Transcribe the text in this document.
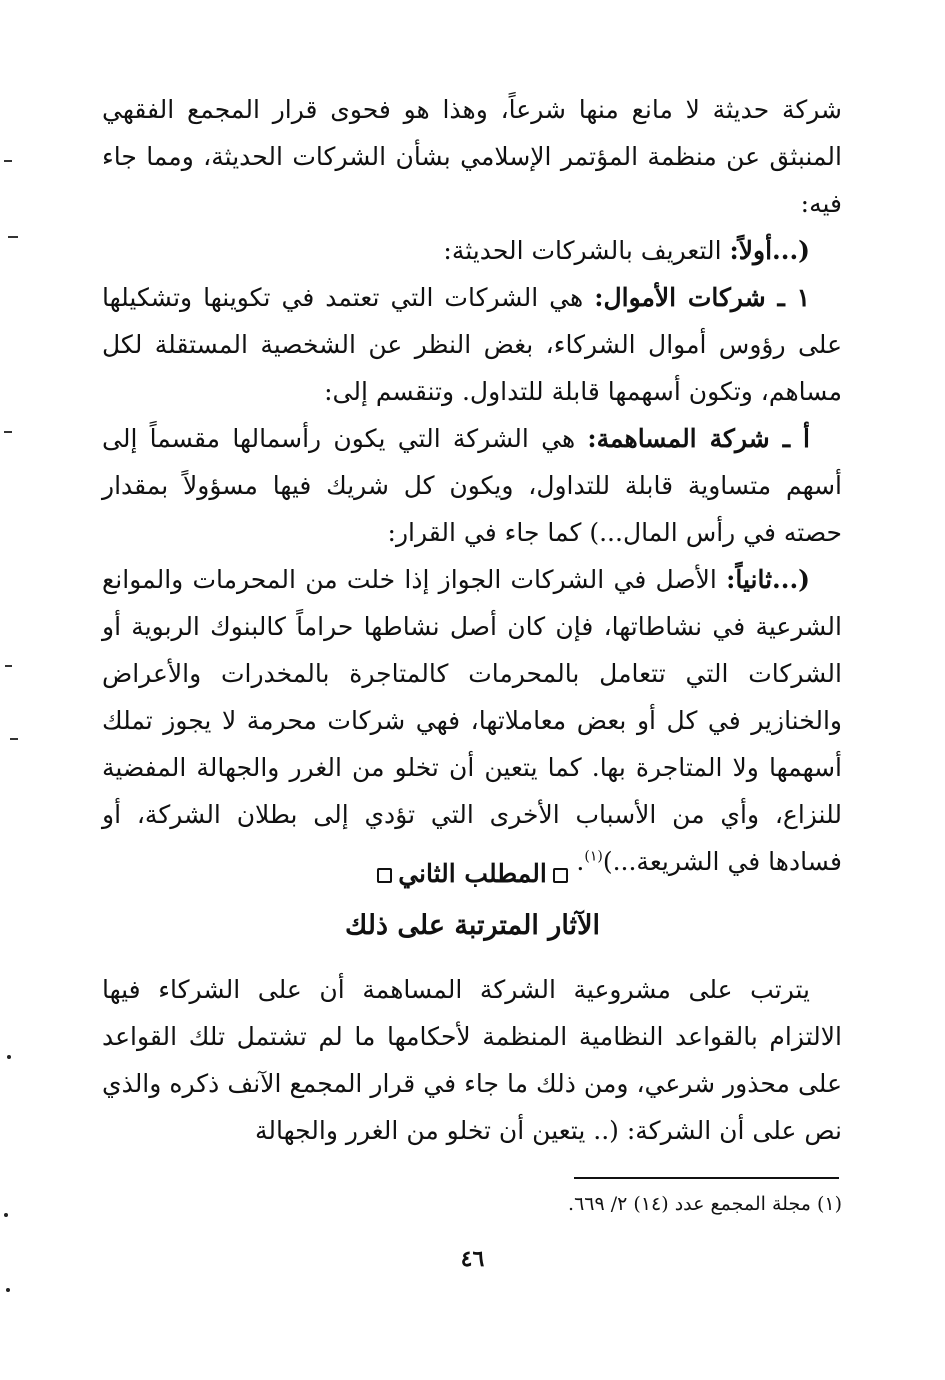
شركة حديثة لا مانع منها شرعاً، وهذا هو فحوى قرار المجمع الفقهي المنبثق عن منظمة المؤتمر الإسلامي بشأن الشركات الحديثة، ومما جاء فيه:

(...أولاً: التعريف بالشركات الحديثة:

١ ـ شركات الأموال: هي الشركات التي تعتمد في تكوينها وتشكيلها على رؤوس أموال الشركاء، بغض النظر عن الشخصية المستقلة لكل مساهم، وتكون أسهمها قابلة للتداول. وتنقسم إلى:

أ ـ شركة المساهمة: هي الشركة التي يكون رأسمالها مقسماً إلى أسهم متساوية قابلة للتداول، ويكون كل شريك فيها مسؤولاً بمقدار حصته في رأس المال...) كما جاء في القرار:

(...ثانياً: الأصل في الشركات الجواز إذا خلت من المحرمات والموانع الشرعية في نشاطاتها، فإن كان أصل نشاطها حراماً كالبنوك الربوية أو الشركات التي تتعامل بالمحرمات كالمتاجرة بالمخدرات والأعراض والخنازير في كل أو بعض معاملاتها، فهي شركات محرمة لا يجوز تملك أسهمها ولا المتاجرة بها. كما يتعين أن تخلو من الغرر والجهالة المفضية للنزاع، وأي من الأسباب الأخرى التي تؤدي إلى بطلان الشركة، أو فسادها في الشريعة...)$^{(١)}$.

المطلب الثاني
الآثار المترتبة على ذلك

يترتب على مشروعية الشركة المساهمة أن على الشركاء فيها الالتزام بالقواعد النظامية المنظمة لأحكامها ما لم تشتمل تلك القواعد على محذور شرعي، ومن ذلك ما جاء في قرار المجمع الآنف ذكره والذي نص على أن الشركة: (.. يتعين أن تخلو من الغرر والجهالة

(١) مجلة المجمع عدد (١٤) ٢/ ٦٦٩.
٤٦
